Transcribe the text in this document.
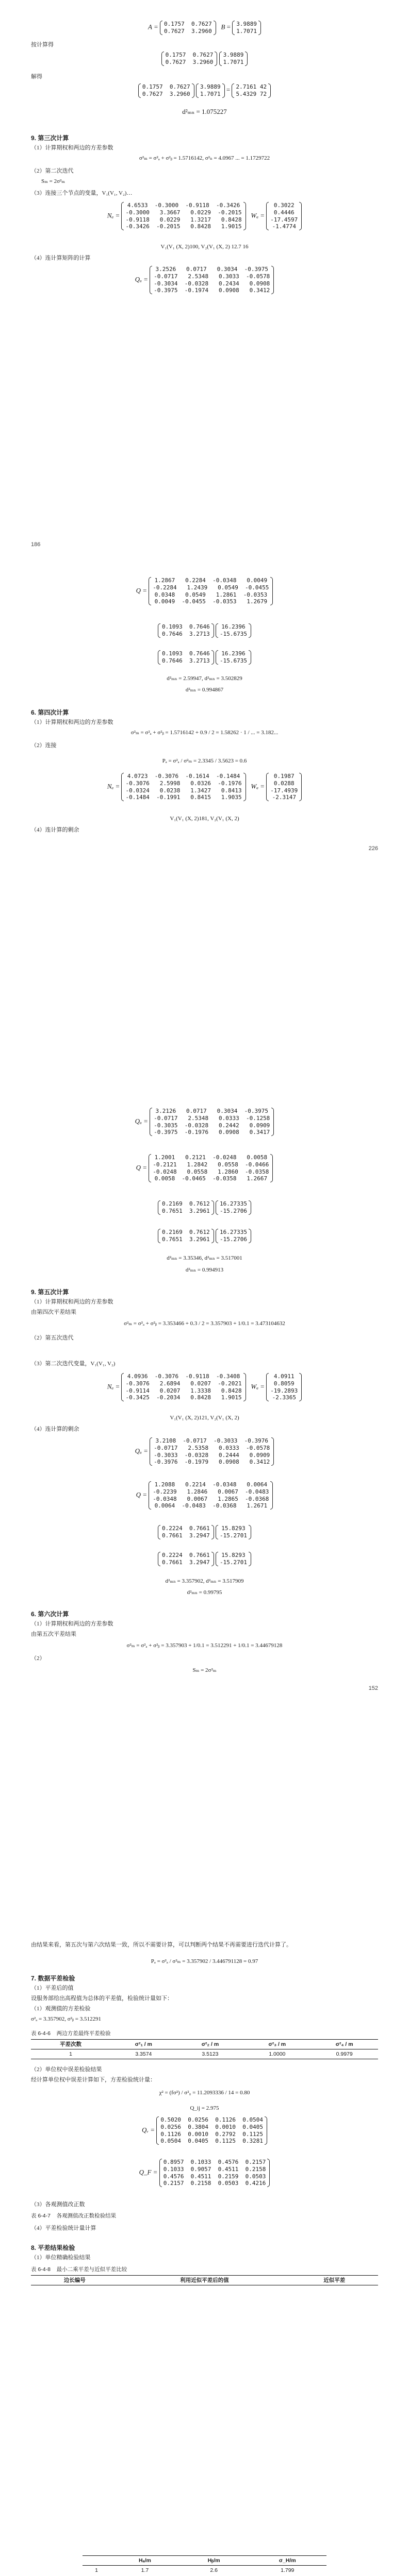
A = 0.1757  0.7627
0.7627  3.2960
B = 3.9889
1.7071
按计算得
0.1757  0.7627
0.7627  3.2960

3.9889
1.7071
解得
0.1757  0.7627
0.7627  3.2960

3.9889
1.7071
= 2.7161 42
5.4329 72
d²ₘₙ = 1.075227
9. 第三次计算
（1）计算期权和两边的方差参数
σ²ₘ = σ²ₐ + σ²ᵦ = 1.5716142, σ²ₙ = 4.0967 ... = 1.1729722
（2）第二次迭代
Sₘ = 2σ²ₘ
（3）连接三个节点的变量，V₁(V₁, V₂)…
Nₐ =
4.6533  -0.3000  -0.9118  -0.3426
-0.3000   3.3667   0.0229  -0.2015
-0.9118   0.0229   1.3217   0.8428
-0.3426  -0.2015   0.8428   1.9015
Wₐ =
0.3022
0.4446
-17.4597
-1.4774
V₁(V₁ (X, 2)100, V₂(V₁ (X, 2) 12.7 16
（4）连计算矩阵的计算
Qₐ =
3.2526   0.0717   0.3034  -0.3975
-0.0717   2.5348   0.3033  -0.0578
-0.3034  -0.0328   0.2434   0.0908
-0.3975  -0.1974   0.0908   0.3412
186
Q =
1.2867   0.2284  -0.0348   0.0049
-0.2284   1.2439   0.0549  -0.0455
0.0348   0.0549   1.2861  -0.0353
0.0049  -0.0455  -0.0353   1.2679
0.1093  0.7646
0.7646  3.2713

16.2396
-15.6735
0.1093  0.7646
0.7646  3.2713

16.2396
-15.6735
d²ₘₙ = 2.59947, d²ₘₙ = 3.502829
d²ₘₙ = 0.994867
6. 第四次计算
（1）计算期权和两边的方差参数
σ²ₘ = σ²ₐ + σ²ᵦ = 1.5716142 + 0.9 / 2 = 1.58262 · 1 / ... = 3.182...
（2）连接
Pₐ = σ²ₐ / σ²ₘ = 2.3345 / 3.5623 = 0.6
Nₐ =
4.0723  -0.3076  -0.1614  -0.1484
-0.3076   2.5998   0.0326  -0.1976
-0.0324   0.0238   1.3427   0.8413
-0.1484  -0.1991   0.8415   1.9035
Wₐ =
0.1987
0.0288
-17.4939
-2.3147
V₁(V₁ (X, 2)181, V₂(V₁ (X, 2)
（4）连计算的剩余
226
Qₐ =
3.2126   0.0717   0.3034  -0.3975
-0.0717   2.5348   0.0333  -0.1258
-0.3035  -0.0328   0.2442   0.0909
-0.3975  -0.1976   0.0908   0.3417
Q =
1.2001   0.2121  -0.0248   0.0058
-0.2121   1.2842   0.0558  -0.0466
-0.0248   0.0558   1.2860  -0.0358
0.0058  -0.0465  -0.0358   1.2667
0.2169  0.7612
0.7651  3.2961

16.27335
-15.2706
0.2169  0.7612
0.7651  3.2961

16.27335
-15.2706
d²ₘₙ = 3.35346, d²ₘₙ = 3.517001
d²ₘₙ = 0.994913
9. 第五次计算
（1）计算期权和两边的方差参数
由第四次平差结果
σ²ₘ = σ²ₐ + σ²ᵦ = 3.353466 + 0.3 / 2 = 3.357903 + 1/0.1 = 3.473104632
（2）第五次迭代
（3）第二次迭代变量，V₁(V₁, V₂)
Nₐ =
4.0936  -0.3076  -0.9118  -0.3408
-0.3076   2.6894   0.0207  -0.2021
-0.9114   0.0207   1.3338   0.8428
-0.3425  -0.2034   0.8428   1.9015
Wₐ =
4.0911
0.8059
-19.2893
-2.3365
V₁(V₁ (X, 2)121, V₂(V₁ (X, 2)
（4）连计算的剩余
Qₐ =
3.2108  -0.0717  -0.3033  -0.3976
-0.0717   2.5358   0.0333  -0.0578
-0.3033  -0.0328   0.2444   0.0909
-0.3976  -0.1979   0.0908   0.3412
Q =
1.2088   0.2214  -0.0348   0.0064
-0.2239   1.2846   0.0067  -0.0483
-0.0348   0.0067   1.2865  -0.0368
0.0064  -0.0483  -0.0368   1.2671
0.2224  0.7661
0.7661  3.2947

15.8293
-15.2701
0.2224  0.7661
0.7661  3.2947

15.8293
-15.2701
d²ₘₙ = 3.357902, d²ₘₙ = 3.517909
d²ₘₙ = 0.99795
6. 第六次计算
（1）计算期权和两边的方差参数
由第五次平差结果
σ²ₘ = σ²ₐ + σ²ᵦ = 3.357903 + 1/0.1 = 3.512291 + 1/0.1 = 3.44679128
（2）
Sₘ = 2σ²ₘ
152
由结果来看，第五次与第六次结果一致，所以不需要计算，可以判断两个结果不再需要进行迭代计算了。
Pₐ = σ²ₐ / σ²ₘ = 3.357902 / 3.446791128 = 0.97
7. 数据平差检验
（1）平差后的值
设服务部给出高程值为总体的平差值，检验统计量如下：
（1）观测值的方差检验
σ²ₐ = 3.357902, σ²ᵦ = 3.512291
表 6-4-6 两边方差最终平差检验
平差次数	σ²₁ / m	σ²₂ / m	σ²₃ / m	σ²₄ / m
1	3.3574	3.5123	1.0000	0.9979
（2）单位权中误差检验结果
经计算单位权中误差计算如下，方差检验统计量：
χ² = (fσ²) / σ²₀ = 11.2093336 / 14 = 0.80
Q_ij = 2.975
Qᵥ =
0.5020  0.0256  0.1126  0.0504
0.0256  0.3804  0.0010  0.0405
0.1126  0.0010  0.2792  0.1125
0.0504  0.0405  0.1125  0.3281
Q_F =
0.8957  0.1033  0.4576  0.2157
0.1033  0.9057  0.4511  0.2158
0.4576  0.4511  0.2159  0.0503
0.2157  0.2158  0.0503  0.4216
（3）各观测值改正数
表 6-4-7 各观测值改正数检验结果
（4）平差检验统计量计算
8. 平差结果检验
（1）单位精确检验结果
表 6-4-8 最小二乘平差与近似平差比较
边长编号	利用近似平差后的值	近似平差
	Hₐ/m	Hᵦ/m	σ_H/m
1	1.7	2.6	1.799
